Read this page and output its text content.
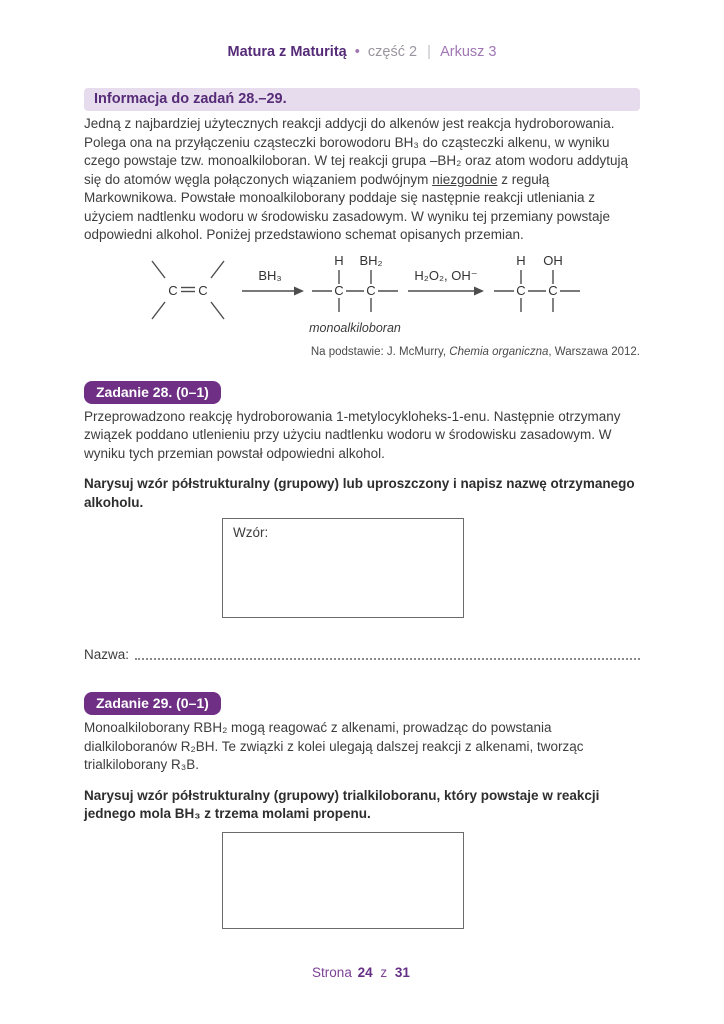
Matura z Maturitą • część 2 | Arkusz 3
Informacja do zadań 28.–29.

Jedną z najbardziej użytecznych reakcji addycji do alkenów jest reakcja hydroborowania. Polega ona na przyłączeniu cząsteczki borowodoru BH₃ do cząsteczki alkenu, w wyniku czego powstaje tzw. monoalkiloboran. W tej reakcji grupa –BH₂ oraz atom wodoru addytują się do atomów węgla połączonych wiązaniem podwójnym niezgodnie z regułą Markownikowa. Powstałe monoalkiloborany poddaje się następnie reakcji utleniania z użyciem nadtlenku wodoru w środowisku zasadowym. W wyniku tej przemiany powstaje odpowiedni alkohol. Poniżej przedstawiono schemat opisanych przemian.

C C
BH₃
C C
H BH₂
monoalkiloboran
H₂O₂, OH⁻
C C
H OH
Na podstawie: J. McMurry, Chemia organiczna, Warszawa 2012.
Zadanie 28. (0–1)

Przeprowadzono reakcję hydroborowania 1-metylocykloheks-1-enu. Następnie otrzymany związek poddano utlenieniu przy użyciu nadtlenku wodoru w środowisku zasadowym. W wyniku tych przemian powstał odpowiedni alkohol.

Narysuj wzór półstrukturalny (grupowy) lub uproszczony i napisz nazwę otrzymanego alkoholu.

Wzór:
Nazwa:
Zadanie 29. (0–1)

Monoalkiloborany RBH₂ mogą reagować z alkenami, prowadząc do powstania dialkiloboranów R₂BH. Te związki z kolei ulegają dalszej reakcji z alkenami, tworząc trialkiloborany R₃B.

Narysuj wzór półstrukturalny (grupowy) trialkiloboranu, który powstaje w reakcji jednego mola BH₃ z trzema molami propenu.

Strona 24 z 31
